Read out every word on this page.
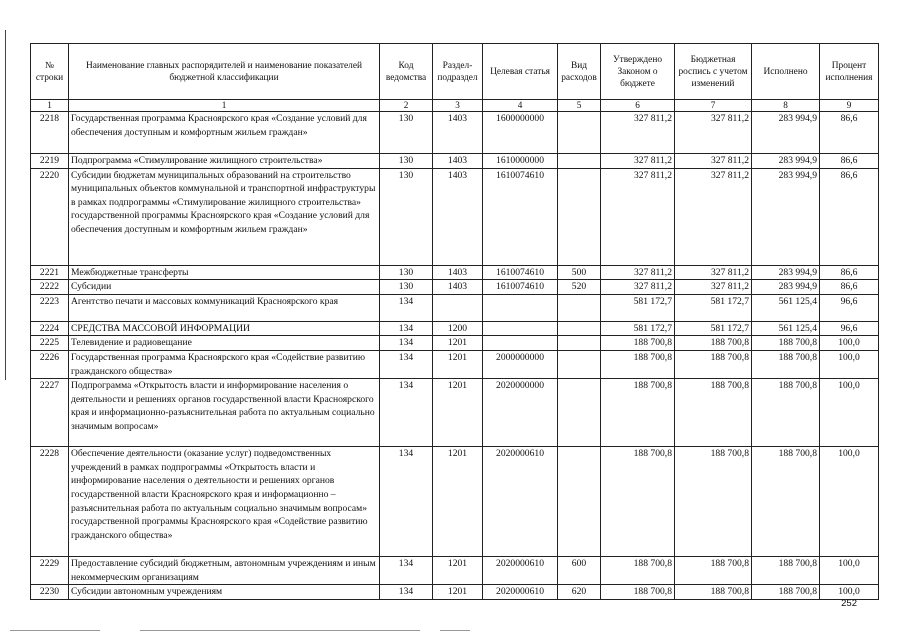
№ строки	Наименование главных распорядителей и наименование показателей бюджетной классификации	Код ведомства	Раздел-подраздел	Целевая статья	Вид расходов	Утверждено Законом о бюджете	Бюджетная роспись с учетом изменений	Исполнено	Процент исполнения
1	1	2	3	4	5	6	7	8	9
2218	Государственная программа Красноярского края «Создание условий для обеспечения доступным и комфортным жильем граждан»	130	1403	1600000000		327 811,2	327 811,2	283 994,9	86,6
2219	Подпрограмма «Стимулирование жилищного строительства»	130	1403	1610000000		327 811,2	327 811,2	283 994,9	86,6
2220	Субсидии бюджетам муниципальных образований на строительство муниципальных объектов коммунальной и транспортной инфраструктуры в рамках подпрограммы «Стимулирование жилищного строительства» государственной программы Красноярского края «Создание условий для обеспечения доступным и комфортным жильем граждан»	130	1403	1610074610		327 811,2	327 811,2	283 994,9	86,6
2221	Межбюджетные трансферты	130	1403	1610074610	500	327 811,2	327 811,2	283 994,9	86,6
2222	Субсидии	130	1403	1610074610	520	327 811,2	327 811,2	283 994,9	86,6
2223	Агентство печати и массовых коммуникаций Красноярского края	134				581 172,7	581 172,7	561 125,4	96,6
2224	СРЕДСТВА МАССОВОЙ ИНФОРМАЦИИ	134	1200			581 172,7	581 172,7	561 125,4	96,6
2225	Телевидение и радиовещание	134	1201			188 700,8	188 700,8	188 700,8	100,0
2226	Государственная программа Красноярского края «Содействие развитию гражданского общества»	134	1201	2000000000		188 700,8	188 700,8	188 700,8	100,0
2227	Подпрограмма «Открытость власти и информирование населения о деятельности и решениях органов государственной власти Красноярского края и информационно-разъяснительная работа по актуальным социально значимым вопросам»	134	1201	2020000000		188 700,8	188 700,8	188 700,8	100,0
2228	Обеспечение деятельности (оказание услуг) подведомственных учреждений в рамках подпрограммы «Открытость власти и информирование населения о деятельности и решениях органов государственной власти Красноярского края и информационно – разъяснительная работа по актуальным социально значимым вопросам» государственной программы Красноярского края «Содействие развитию гражданского общества»	134	1201	2020000610		188 700,8	188 700,8	188 700,8	100,0
2229	Предоставление субсидий бюджетным, автономным учреждениям и иным некоммерческим организациям	134	1201	2020000610	600	188 700,8	188 700,8	188 700,8	100,0
2230	Субсидии автономным учреждениям	134	1201	2020000610	620	188 700,8	188 700,8	188 700,8	100,0
252
